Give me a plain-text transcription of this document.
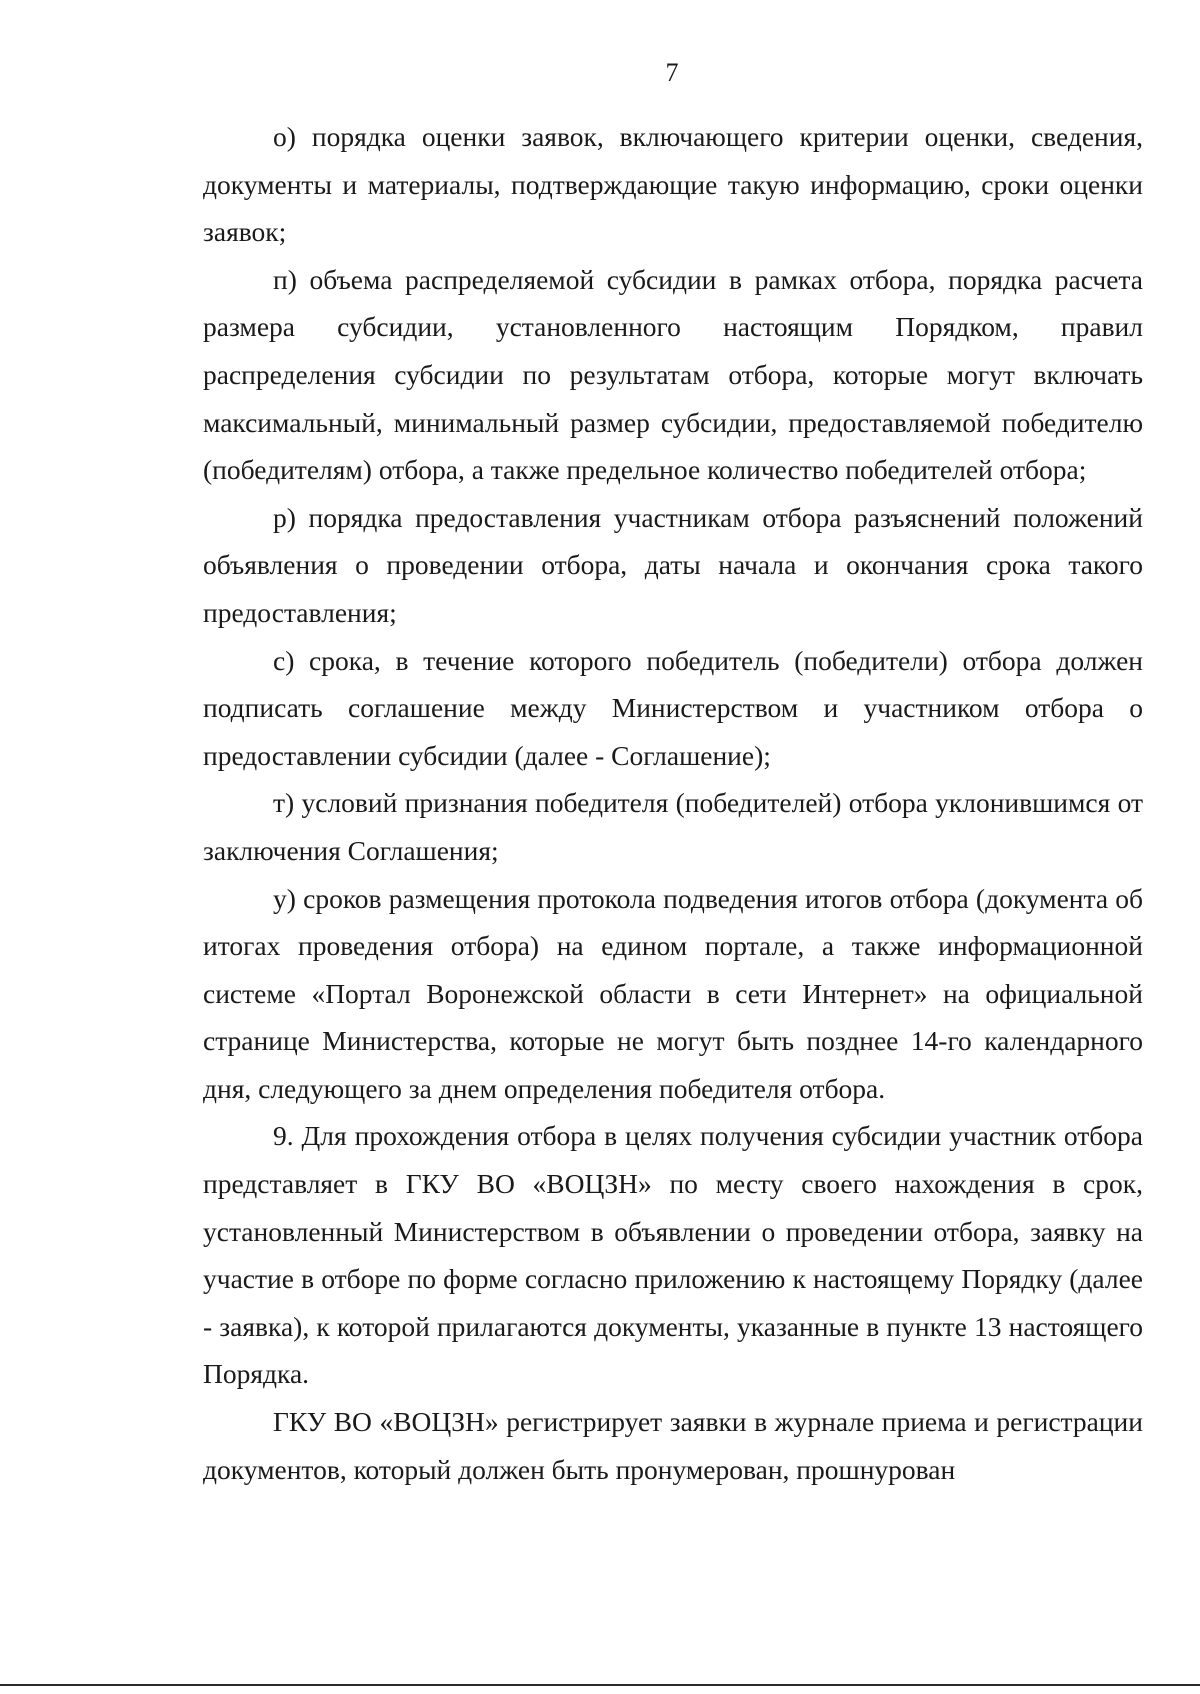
7

о) порядка оценки заявок, включающего критерии оценки, сведения, документы и материалы, подтверждающие такую информацию, сроки оценки заявок;

п) объема распределяемой субсидии в рамках отбора, порядка расчета размера субсидии, установленного настоящим Порядком, правил распределения субсидии по результатам отбора, которые могут включать максимальный, минимальный размер субсидии, предоставляемой победителю (победителям) отбора, а также предельное количество победителей отбора;

р) порядка предоставления участникам отбора разъяснений положений объявления о проведении отбора, даты начала и окончания срока такого предоставления;

с) срока, в течение которого победитель (победители) отбора должен подписать соглашение между Министерством и участником отбора о предоставлении субсидии (далее - Соглашение);

т) условий признания победителя (победителей) отбора уклонившимся от заключения Соглашения;

у) сроков размещения протокола подведения итогов отбора (документа об итогах проведения отбора) на едином портале, а также информационной системе «Портал Воронежской области в сети Интернет» на официальной странице Министерства, которые не могут быть позднее 14-го календарного дня, следующего за днем определения победителя отбора.

9. Для прохождения отбора в целях получения субсидии участник отбора представляет в ГКУ ВО «ВОЦЗН» по месту своего нахождения в срок, установленный Министерством в объявлении о проведении отбора, заявку на участие в отборе по форме согласно приложению к настоящему Порядку (далее - заявка), к которой прилагаются документы, указанные в пункте 13 настоящего Порядка.

ГКУ ВО «ВОЦЗН» регистрирует заявки в журнале приема и регистрации документов, который должен быть пронумерован, прошнурован
